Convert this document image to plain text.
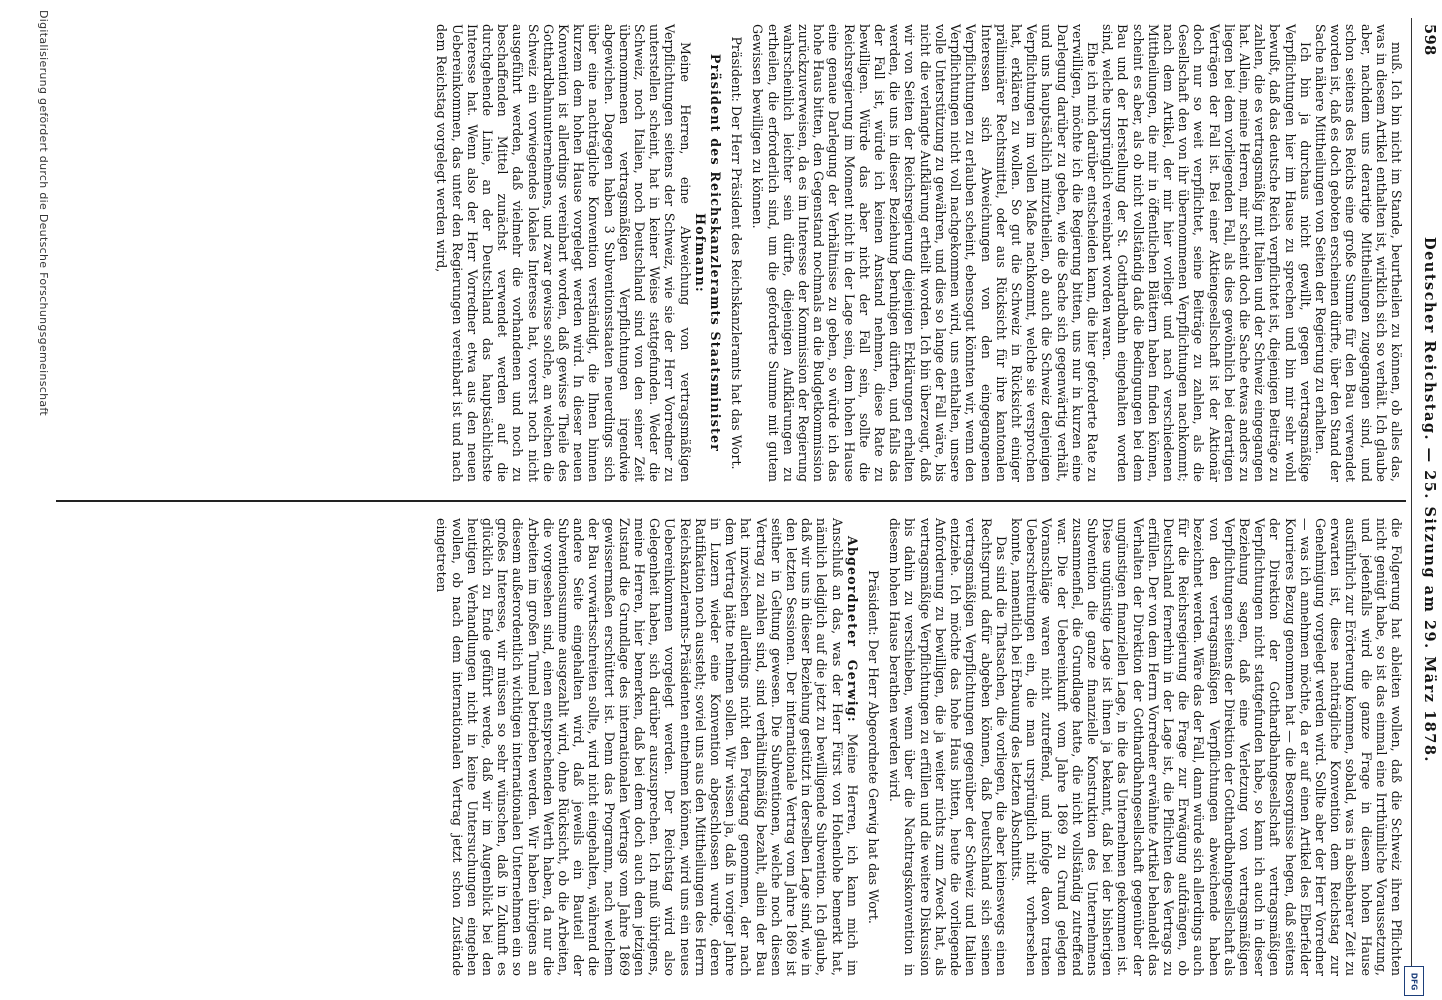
598
Deutscher Reichstag. — 25. Sitzung am 29. März 1878.

muß. Ich bin nicht im Stande, beurtheilen zu können, ob alles das, was in diesem Artikel enthalten ist, wirklich sich so verhält. Ich glaube aber, nachdem uns derartige Mittheilungen zugegangen sind, und schon seitens des Reichs eine große Summe für den Bau verwendet worden ist, daß es doch geboten erscheinen dürfte, über den Stand der Sache nähere Mittheilungen von Seiten der Regierung zu erhalten.

Ich bin ja durchaus nicht gewillt, gegen vertragsmäßige Verpflichtungen hier im Hause zu sprechen und bin mir sehr wohl bewußt, daß das deutsche Reich verpflichtet ist, diejenigen Beiträge zu zahlen, die es vertragsmäßig mit Italien und der Schweiz eingegangen hat. Allein, meine Herren, mir scheint doch die Sache etwas anders zu liegen bei dem vorliegenden Fall, als dies gewöhnlich bei derartigen Verträgen der Fall ist. Bei einer Aktiengesellschaft ist der Aktionär doch nur so weit verpflichtet, seine Beiträge zu zahlen, als die Gesellschaft den von ihr übernommenen Verpflichtungen nachkommt; nach dem Artikel, der mir hier vorliegt und nach verschiedenen Mittheilungen, die mir in öffentlichen Blättern haben finden können, scheint es aber, als ob nicht vollständig daß die Bedingungen bei dem Bau und der Herstellung der St. Gotthardbahn eingehalten worden sind, welche ursprünglich vereinbart worden waren.

Ehe ich mich darüber entscheiden kann, die hier geforderte Rate zu verwilligen, möchte ich die Regierung bitten, uns nur in kurzen eine Darlegung darüber zu geben, wie die Sache sich gegenwärtig verhält, und uns hauptsächlich mitzutheilen, ob auch die Schweiz denjenigen Verpflichtungen im vollen Maße nachkommt, welche sie versprochen hat, erklären zu wollen. So gut die Schweiz in Rücksicht einiger präliminärer Rechtsmittel, oder aus Rücksicht für ihre kantonalen Interessen sich Abweichungen von den eingegangenen Verpflichtungen zu erlauben scheint, ebensogut könnten wir, wenn den Verpflichtungen nicht voll nachgekommen wird, uns enthalten, unsere volle Unterstützung zu gewähren, und dies so lange der Fall wäre, bis nicht die verlangte Aufklärung ertheilt worden. Ich bin überzeugt, daß wir von Seiten der Reichsregierung diejenigen Erklärungen erhalten werden, die uns in dieser Beziehung beruhigen dürften, und falls das der Fall ist, würde ich keinen Anstand nehmen, diese Rate zu bewilligen. Würde das aber nicht der Fall sein, sollte die Reichsregierung im Moment nicht in der Lage sein, dem hohen Hause eine genaue Darlegung der Verhältnisse zu geben, so würde ich das hohe Haus bitten, den Gegenstand nochmals an die Budgetkommission zurückzuverweisen, da es im Interesse der Kommission der Regierung wahrscheinlich leichter sein dürfte, diejenigen Aufklärungen zu ertheilen, die erforderlich sind, um die geforderte Summe mit gutem Gewissen bewilligen zu können.

Präsident: Der Herr Präsident des Reichskanzleramts hat das Wort.

Präsident des Reichskanzleramts Staatsminister Hofmann:

Meine Herren, eine Abweichung von vertragsmäßigen Verpflichtungen seitens der Schweiz, wie sie der Herr Vorredner zu unterstellen scheint, hat in keiner Weise stattgefunden. Weder die Schweiz, noch Italien, noch Deutschland sind von den seiner Zeit übernommenen vertragsmäßigen Verpflichtungen irgendwie abgewichen. Dagegen haben 3 Subventionsstaaten neuerdings sich über eine nachträgliche Konvention verständigt, die Ihnen binnen kurzem dem hohen Hause vorgelegt werden wird. In dieser neuen Konvention ist allerdings vereinbart worden, daß gewisse Theile des Gotthardbahnunternehmens, und zwar gewisse solche, an welchen die Schweiz ein vorwiegendes lokales Interesse hat, vorerst noch nicht ausgeführt werden, daß vielmehr die vorhandenen und noch zu beschaffenden Mittel zunächst verwendet werden auf die durchgehende Linie, an der Deutschland das hauptsächlichste Interesse hat. Wenn also der Herr Vorredner etwa aus den neuen Uebereinkommen, das unter den Regierungen vereinbart ist und nach dem Reichstag vorgelegt werden wird,

die Folgerung hat ableiten wollen, daß die Schweiz ihren Pflichten nicht genügt habe, so ist das einmal eine Irrthümliche Voraussetzung, und jedenfalls wird die ganze Frage in diesem hohen Hause ausführlich zur Erörterung kommen, sobald, was in absehbarer Zeit zu erwarten ist, diese nachträgliche Konvention dem Reichstag zur Genehmigung vorgelegt werden wird. Sollte aber der Herr Vorredner — was ich annehmen möchte, da er auf einen Artikel des Elberfelder Kourieres Bezug genommen hat — die Besorgnisse hegen, daß seitens der Direktion der Gotthardbahngesellschaft vertragsmäßigen Verpflichtungen nicht stattgefunden habe, so kann ich auch in dieser Beziehung sagen, daß eine Verletzung von vertragsmäßigen Verpflichtungen seitens der Direktion der Gotthardbahngesellschaft als von den vertragsmäßigen Verpflichtungen abweichende haben bezeichnet werden. Wäre das der Fall, dann würde sich allerdings auch für die Reichsregierung die Frage zur Erwägung aufdrängen, ob Deutschland fernerhin in der Lage ist, die Pflichten des Vertrags zu erfüllen. Der von dem Herrn Vorredner erwähnte Artikel behandelt das Verhalten der Direktion der Gotthardbahngesellschaft gegenüber der ungünstigen finanziellen Lage, in die das Unternehmen gekommen ist. Diese ungünstige Lage ist ihnen ja bekannt, daß bei der bisherigen Subvention die ganze finanzielle Konstruktion des Unternehmens zusammenfiel, die Grundlage hatte, die nicht vollständig zutreffend war. Die der Uebereinkunft vom Jahre 1869 zu Grund gelegten Voranschläge waren nicht zutreffend, und infolge davon traten Ueberschreitungen ein, die man ursprünglich nicht vorhersehen konnte, namentlich bei Erbauung des letzten Abschnitts.

Das sind die Thatsachen, die vorliegen, die aber keineswegs einen Rechtsgrund dafür abgeben können, daß Deutschland sich seinen vertragsmäßigen Verpflichtungen gegenüber der Schweiz und Italien entziehe. Ich möchte das hohe Haus bitten, heute die vorliegende Anforderung zu bewilligen, die ja weiter nichts zum Zweck hat, als vertragsmäßige Verpflichtungen zu erfüllen und die weitere Diskussion bis dahin zu verschieben, wenn über die Nachtragskonvention in diesem hohen Hause berathen werden wird.

Präsident: Der Herr Abgeordnete Gerwig hat das Wort.

Abgeordneter Gerwig: Meine Herren, ich kann mich im Anschluß an das, was der Herr Fürst von Hohenlohe bemerkt hat, nämlich lediglich auf die jetzt zu bewilligende Subvention. Ich glaube, daß wir uns in dieser Beziehung gestützt in derselben Lage sind, wie in den letzten Sessionen. Der internationale Vertrag vom Jahre 1869 ist seither in Geltung gewesen. Die Subventionen, welche noch diesen Vertrag zu zahlen sind, sind verhältnißmäßig bezahlt, allein der Bau hat inzwischen allerdings nicht den Fortgang genommen, der nach dem Vertrag hätte nehmen sollen. Wir wissen ja, daß in voriger Jahre in Luzern wieder eine Konvention abgeschlossen wurde, deren Ratifikation noch aussteht; soviel uns aus den Mittheilungen des Herrn Reichskanzleramts-Präsidenten entnehmen können, wird uns ein neues Uebereinkommen vorgelegt werden. Der Reichstag wird also Gelegenheit haben, sich darüber auszusprechen. Ich muß übrigens, meine Herren, hier bemerken, daß bei dem doch auch dem jetzigen Zustand die Grundlage des internationalen Vertrags vom Jahre 1869 gewissermaßen erschüttert ist. Denn das Programm, nach welchem der Bau vorwärtsschreiten sollte, wird nicht eingehalten, während die andere Seite eingehalten wird, daß jeweils ein Bauteil der Subventionssumme ausgezahlt wird, ohne Rücksicht, ob die Arbeiten, die vorgesehen sind, einen entsprechenden Werth haben, da nur die Arbeiten im großen Tunnel betrieben werden. Wir haben übrigens an diesem außerordentlich wichtigen internationalen Unternehmen ein so großes Interesse, wir müssen so sehr wünschen, daß in Zukunft es glücklich zu Ende geführt werde, daß wir im Augenblick bei den heutigen Verhandlungen nicht in keine Untersuchungen eingehen wollen, ob nach dem internationalen Vertrag jetzt schon Zustände eingetreten

Digitalisierung gefördert durch die Deutsche Forschungsgemeinschaft
DFG
